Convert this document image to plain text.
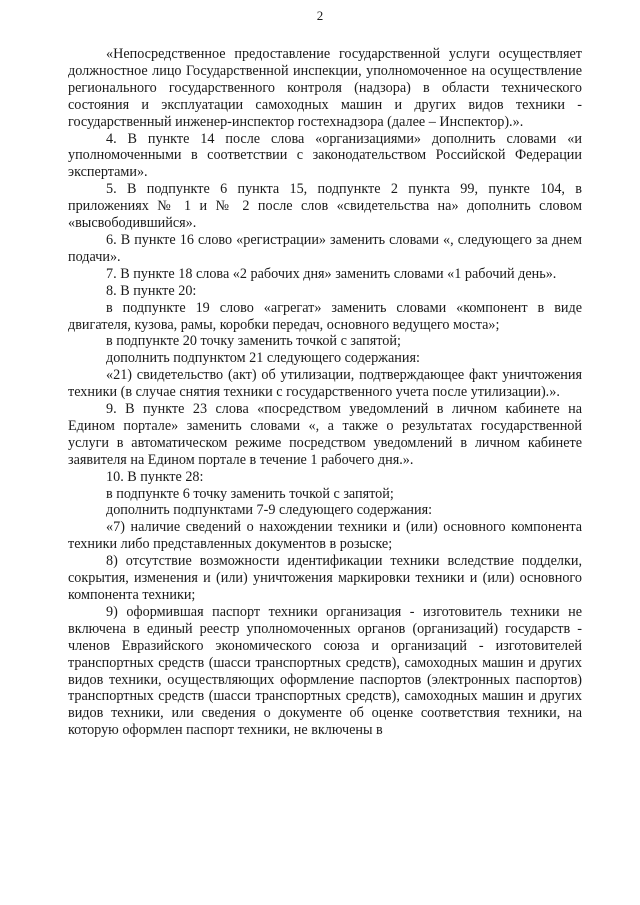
2

«Непосредственное предоставление государственной услуги осуществляет должностное лицо Государственной инспекции, уполномоченное на осуществление регионального государственного контроля (надзора) в области технического состояния и эксплуатации самоходных машин и других видов техники - государственный инженер-инспектор гостехнадзора (далее – Инспектор).».

4. В пункте 14 после слова «организациями» дополнить словами «и уполномоченными в соответствии с законодательством Российской Федерации экспертами».

5. В подпункте 6 пункта 15, подпункте 2 пункта 99, пункте 104, в приложениях № 1 и № 2 после слов «свидетельства на» дополнить словом «высвободившийся».

6. В пункте 16 слово «регистрации» заменить словами «, следующего за днем подачи».

7. В пункте 18 слова «2 рабочих дня» заменить словами «1 рабочий день».

8. В пункте 20:

в подпункте 19 слово «агрегат» заменить словами «компонент в виде двигателя, кузова, рамы, коробки передач, основного ведущего моста»;

в подпункте 20 точку заменить точкой с запятой;

дополнить подпунктом 21 следующего содержания:

«21) свидетельство (акт) об утилизации, подтверждающее факт уничтожения техники (в случае снятия техники с государственного учета после утилизации).».

9. В пункте 23 слова «посредством уведомлений в личном кабинете на Едином портале» заменить словами «, а также о результатах государственной услуги в автоматическом режиме посредством уведомлений в личном кабинете заявителя на Едином портале в течение 1 рабочего дня.».

10. В пункте 28:

в подпункте 6 точку заменить точкой с запятой;

дополнить подпунктами 7-9 следующего содержания:

«7) наличие сведений о нахождении техники и (или) основного компонента техники либо представленных документов в розыске;

8) отсутствие возможности идентификации техники вследствие подделки, сокрытия, изменения и (или) уничтожения маркировки техники и (или) основного компонента техники;

9) оформившая паспорт техники организация - изготовитель техники не включена в единый реестр уполномоченных органов (организаций) государств - членов Евразийского экономического союза и организаций - изготовителей транспортных средств (шасси транспортных средств), самоходных машин и других видов техники, осуществляющих оформление паспортов (электронных паспортов) транспортных средств (шасси транспортных средств), самоходных машин и других видов техники, или сведения о документе об оценке соответствия техники, на которую оформлен паспорт техники, не включены в
